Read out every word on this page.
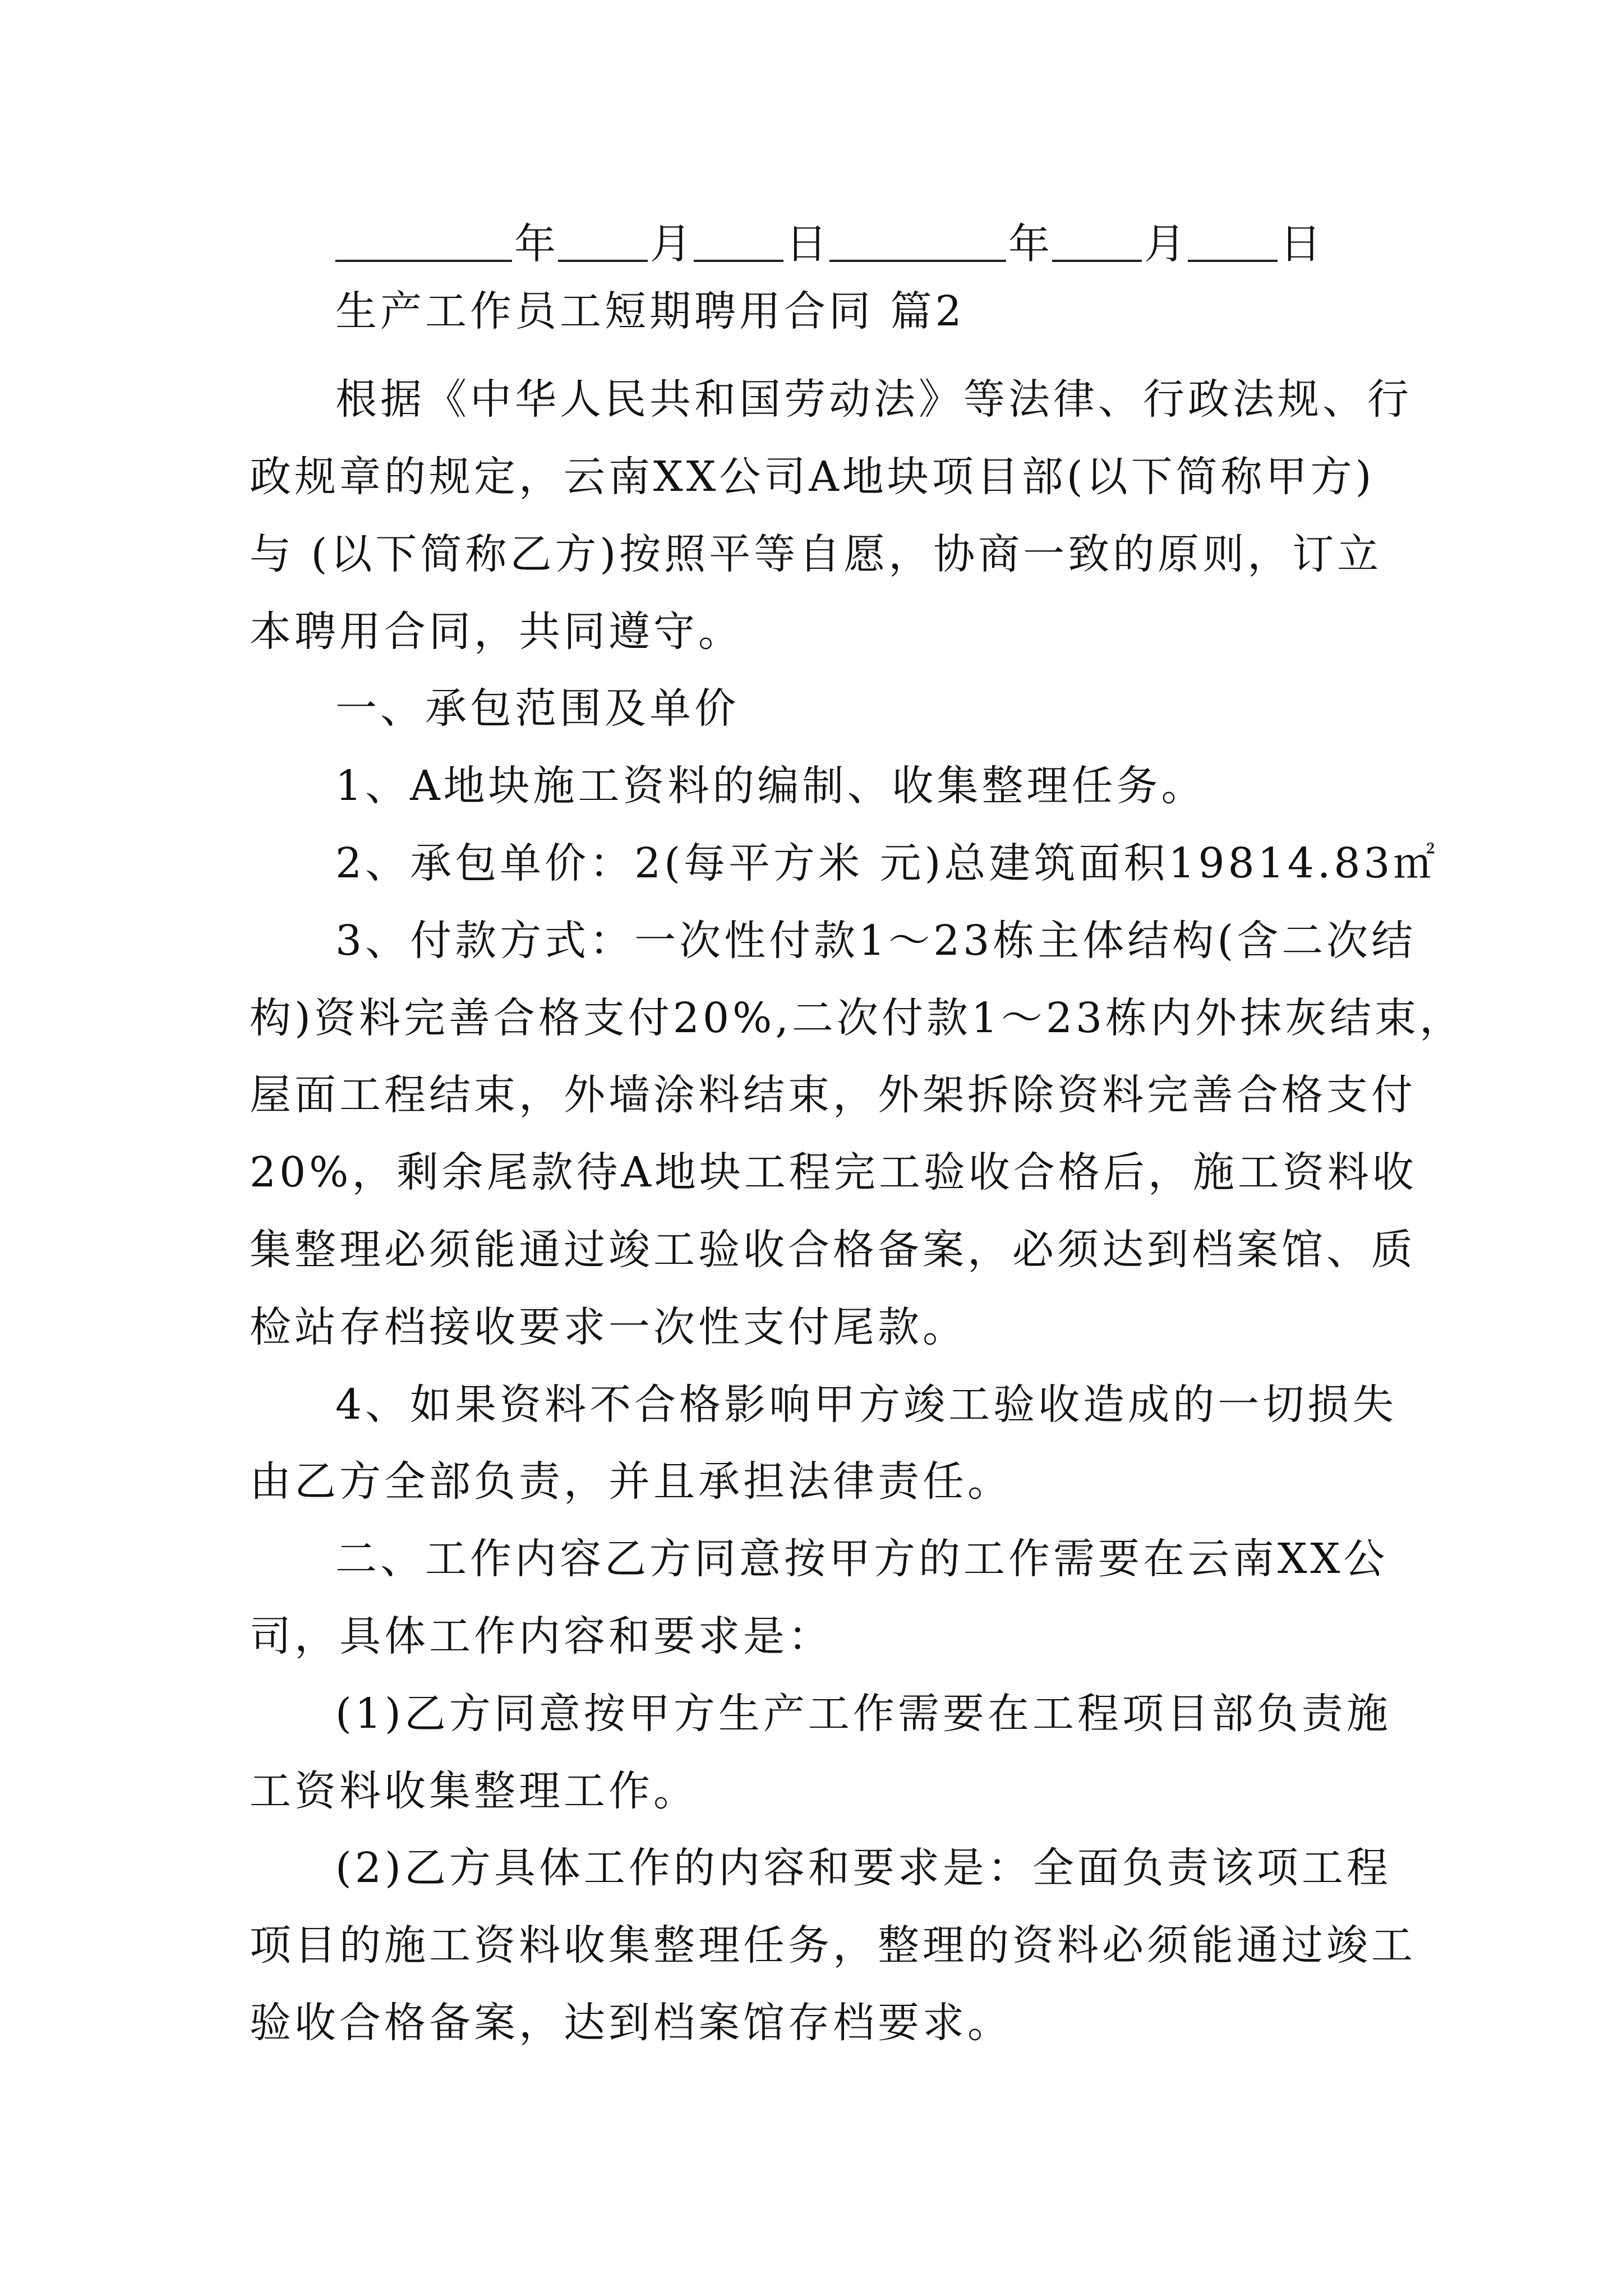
年 月 日	年 月 日
生产工作员工短期聘用合同 篇2
根据《中华人民共和国劳动法》等法律、行政法规、行
政规章的规定，云南XX公司A地块项目部(以下简称甲方)
与 (以下简称乙方)按照平等自愿，协商一致的原则，订立
本聘用合同，共同遵守。
一、承包范围及单价
1、A地块施工资料的编制、收集整理任务。
2、承包单价：2(每平方米 元)总建筑面积19814.83㎡
3、付款方式：一次性付款1～23栋主体结构(含二次结
构)资料完善合格支付20%,二次付款1～23栋内外抹灰结束，
屋面工程结束，外墙涂料结束，外架拆除资料完善合格支付
20%，剩余尾款待A地块工程完工验收合格后，施工资料收
集整理必须能通过竣工验收合格备案，必须达到档案馆、质
检站存档接收要求一次性支付尾款。
4、如果资料不合格影响甲方竣工验收造成的一切损失
由乙方全部负责，并且承担法律责任。
二、工作内容乙方同意按甲方的工作需要在云南XX公
司，具体工作内容和要求是：
(1)乙方同意按甲方生产工作需要在工程项目部负责施
工资料收集整理工作。
(2)乙方具体工作的内容和要求是：全面负责该项工程
项目的施工资料收集整理任务，整理的资料必须能通过竣工
验收合格备案，达到档案馆存档要求。
